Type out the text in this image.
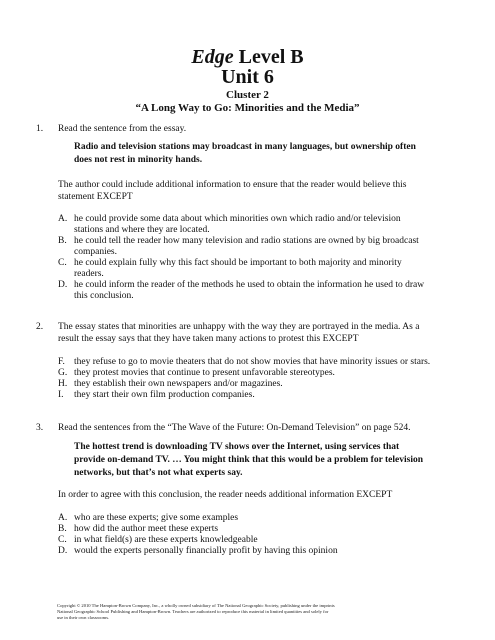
Edge Level B
Unit 6
Cluster 2
“A Long Way to Go: Minorities and the Media”
1. Read the sentence from the essay.
Radio and television stations may broadcast in many languages, but ownership often
does not rest in minority hands.
The author could include additional information to ensure that the reader would believe this
statement EXCEPT
A. he could provide some data about which minorities own which radio and/or television
stations and where they are located.
B. he could tell the reader how many television and radio stations are owned by big broadcast
companies.
C. he could explain fully why this fact should be important to both majority and minority
readers.
D. he could inform the reader of the methods he used to obtain the information he used to draw
this conclusion.
2. The essay states that minorities are unhappy with the way they are portrayed in the media. As a
result the essay says that they have taken many actions to protest this EXCEPT
F. they refuse to go to movie theaters that do not show movies that have minority issues or stars.
G. they protest movies that continue to present unfavorable stereotypes.
H. they establish their own newspapers and/or magazines.
I. they start their own film production companies.
3. Read the sentences from the “The Wave of the Future: On-Demand Television” on page 524.
The hottest trend is downloading TV shows over the Internet, using services that
provide on-demand TV. … You might think that this would be a problem for television
networks, but that’s not what experts say.
In order to agree with this conclusion, the reader needs additional information EXCEPT
A. who are these experts; give some examples
B. how did the author meet these experts
C. in what field(s) are these experts knowledgeable
D. would the experts personally financially profit by having this opinion
Copyright © 2010 The Hampton-Brown Company, Inc., a wholly owned subsidiary of The National Geographic Society, publishing under the imprints
National Geographic School Publishing and Hampton-Brown. Teachers are authorized to reproduce this material in limited quantities and solely for
use in their own classrooms.
